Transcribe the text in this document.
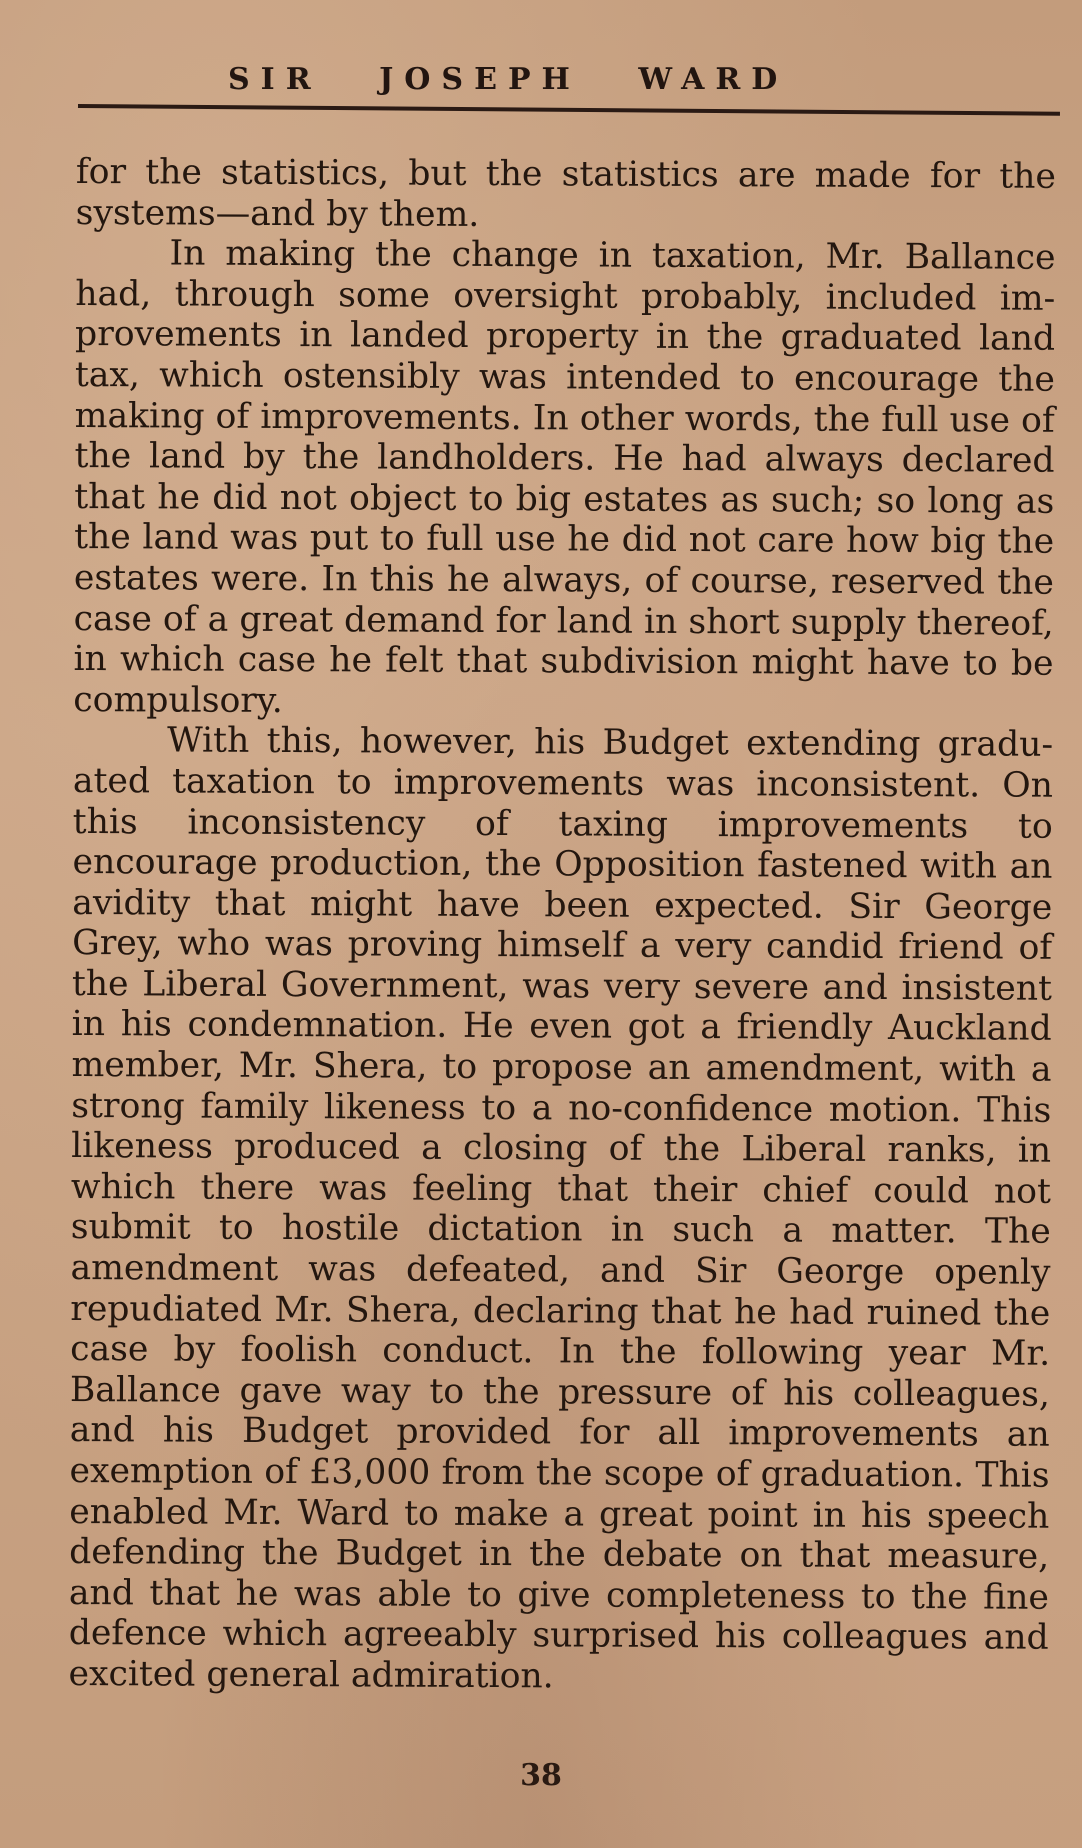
SIR JOSEPH WARD

for the statistics, but the statistics are made for the systems—and by them.

In making the change in taxation, Mr. Ballance had, through some oversight probably, included improvements in landed property in the graduated land tax, which ostensibly was intended to encourage the making of improvements. In other words, the full use of the land by the landholders. He had always declared that he did not object to big estates as such; so long as the land was put to full use he did not care how big the estates were. In this he always, of course, reserved the case of a great demand for land in short supply thereof, in which case he felt that subdivision might have to be compulsory.

With this, however, his Budget extending graduated taxation to improvements was inconsistent. On this inconsistency of taxing improvements to encourage production, the Opposition fastened with an avidity that might have been expected. Sir George Grey, who was proving himself a very candid friend of the Liberal Government, was very severe and insistent in his condemnation. He even got a friendly Auckland member, Mr. Shera, to propose an amendment, with a strong family likeness to a no-confidence motion. This likeness produced a closing of the Liberal ranks, in which there was feeling that their chief could not submit to hostile dictation in such a matter. The amendment was defeated, and Sir George openly repudiated Mr. Shera, declaring that he had ruined the case by foolish conduct. In the following year Mr. Ballance gave way to the pressure of his colleagues, and his Budget provided for all improvements an exemption of £3,000 from the scope of graduation. This enabled Mr. Ward to make a great point in his speech defending the Budget in the debate on that measure, and that he was able to give completeness to the fine defence which agreeably surprised his colleagues and excited general admiration.

38
